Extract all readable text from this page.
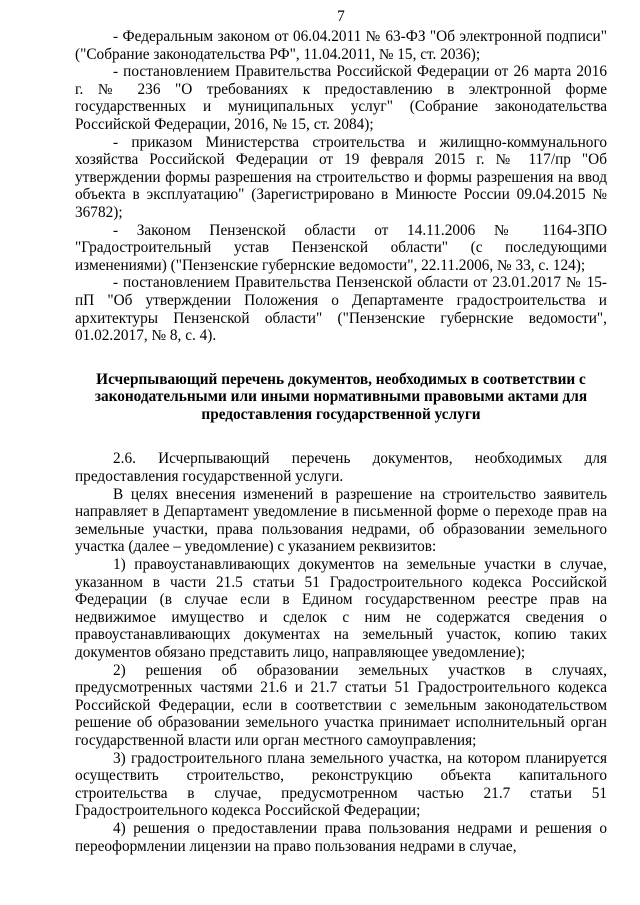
7

- Федеральным законом от 06.04.2011 № 63-ФЗ "Об электронной подписи" ("Собрание законодательства РФ", 11.04.2011, № 15, ст. 2036);

- постановлением Правительства Российской Федерации от 26 марта 2016 г. № 236 "О требованиях к предоставлению в электронной форме государственных и муниципальных услуг" (Собрание законодательства Российской Федерации, 2016, № 15, ст. 2084);

- приказом Министерства строительства и жилищно-коммунального хозяйства Российской Федерации от 19 февраля 2015 г. № 117/пр "Об утверждении формы разрешения на строительство и формы разрешения на ввод объекта в эксплуатацию" (Зарегистрировано в Минюсте России 09.04.2015 № 36782);

- Законом Пензенской области от 14.11.2006 № 1164-ЗПО "Градостроительный устав Пензенской области" (с последующими изменениями) ("Пензенские губернские ведомости", 22.11.2006, № 33, с. 124);

- постановлением Правительства Пензенской области от 23.01.2017 № 15-пП "Об утверждении Положения о Департаменте градостроительства и архитектуры Пензенской области" ("Пензенские губернские ведомости", 01.02.2017, № 8, с. 4).

Исчерпывающий перечень документов, необходимых в соответствии с законодательными или иными нормативными правовыми актами для предоставления государственной услуги

2.6. Исчерпывающий перечень документов, необходимых для предоставления государственной услуги.

В целях внесения изменений в разрешение на строительство заявитель направляет в Департамент уведомление в письменной форме о переходе прав на земельные участки, права пользования недрами, об образовании земельного участка (далее – уведомление) с указанием реквизитов:

1) правоустанавливающих документов на земельные участки в случае, указанном в части 21.5 статьи 51 Градостроительного кодекса Российской Федерации (в случае если в Едином государственном реестре прав на недвижимое имущество и сделок с ним не содержатся сведения о правоустанавливающих документах на земельный участок, копию таких документов обязано представить лицо, направляющее уведомление);

2) решения об образовании земельных участков в случаях, предусмотренных частями 21.6 и 21.7 статьи 51 Градостроительного кодекса Российской Федерации, если в соответствии с земельным законодательством решение об образовании земельного участка принимает исполнительный орган государственной власти или орган местного самоуправления;

3) градостроительного плана земельного участка, на котором планируется осуществить строительство, реконструкцию объекта капитального строительства в случае, предусмотренном частью 21.7 статьи 51 Градостроительного кодекса Российской Федерации;

4) решения о предоставлении права пользования недрами и решения о переоформлении лицензии на право пользования недрами в случае,
